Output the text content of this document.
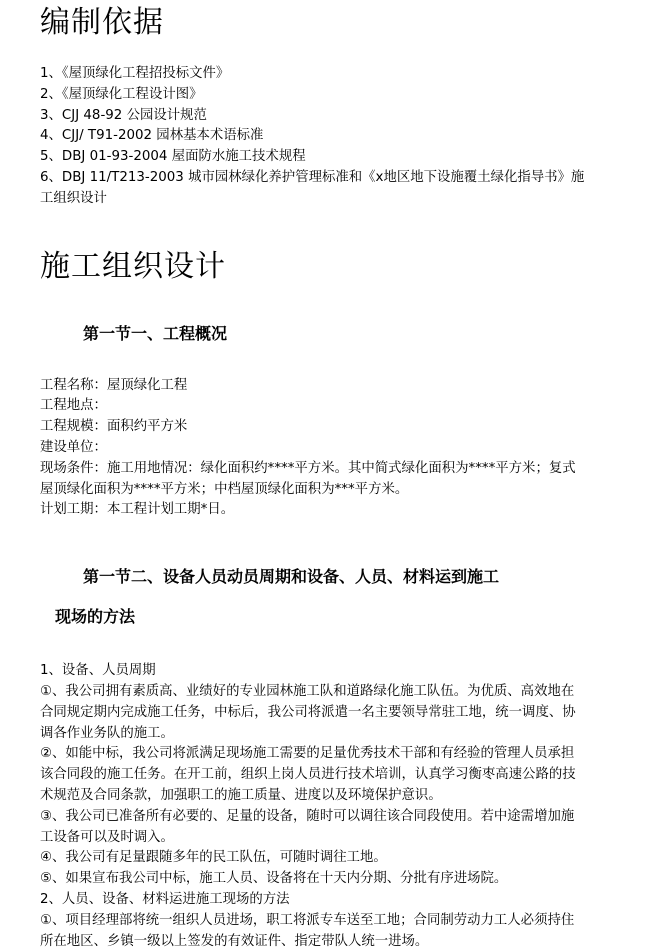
编制依据

1、《屋顶绿化工程招投标文件》

2、《屋顶绿化工程设计图》

3、CJJ 48-92 公园设计规范

4、CJJ/ T91-2002 园林基本术语标准

5、DBJ 01-93-2004 屋面防水施工技术规程

6、DBJ 11/T213-2003 城市园林绿化养护管理标准和《x地区地下设施覆土绿化指导书》施

工组织设计

施工组织设计
第一节一、工程概况

工程名称：屋顶绿化工程

工程地点：

工程规模：面积约平方米

建设单位：

现场条件：施工用地情况：绿化面积约****平方米。其中简式绿化面积为****平方米；复式

屋顶绿化面积为****平方米；中档屋顶绿化面积为***平方米。

计划工期：本工程计划工期*日。

第一节二、设备人员动员周期和设备、人员、材料运到施工
现场的方法

1、设备、人员周期

①、我公司拥有素质高、业绩好的专业园林施工队和道路绿化施工队伍。为优质、高效地在

合同规定期内完成施工任务，中标后，我公司将派遣一名主要领导常驻工地，统一调度、协

调各作业务队的施工。

②、如能中标，我公司将派满足现场施工需要的足量优秀技术干部和有经验的管理人员承担

该合同段的施工任务。在开工前，组织上岗人员进行技术培训，认真学习衡枣高速公路的技

术规范及合同条款，加强职工的施工质量、进度以及环境保护意识。

③、我公司已准备所有必要的、足量的设备，随时可以调往该合同段使用。若中途需增加施

工设备可以及时调入。

④、我公司有足量跟随多年的民工队伍，可随时调往工地。

⑤、如果宣布我公司中标，施工人员、设备将在十天内分期、分批有序进场院。

2、人员、设备、材料运进施工现场的方法

①、项目经理部将统一组织人员进场，职工将派专车送至工地；合同制劳动力工人必须持住

所在地区、乡镇一级以上签发的有效证件、指定带队人统一进场。
